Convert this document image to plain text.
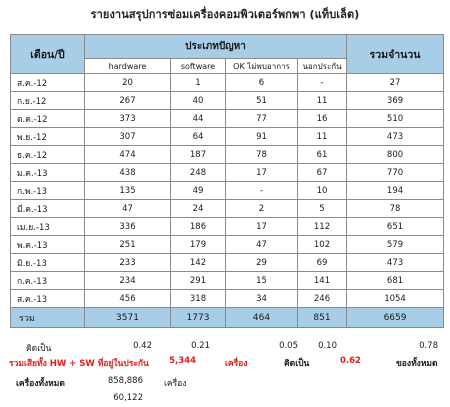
รายงานสรุปการซ่อมเครื่องคอมพิวเตอร์พกพา (แท็บเล็ต)
เดือน/ปี	ประเภทปัญหา				รวมจำนวน
	hardware	software	OK ไม่พบอาการ	นอกประกัน	
ส.ค.-12	20	1	6	-	27
ก.ย.-12	267	40	51	11	369
ต.ค.-12	373	44	77	16	510
พ.ย.-12	307	64	91	11	473
ธ.ค.-12	474	187	78	61	800
ม.ค.-13	438	248	17	67	770
ก.พ.-13	135	49	-	10	194
มี.ค.-13	47	24	2	5	78
เม.ย.-13	336	186	17	112	651
พ.ค.-13	251	179	47	102	579
มิ.ย.-13	233	142	29	69	473
ก.ค.-13	234	291	15	141	681
ส.ค.-13	456	318	34	246	1054
รวม	3571	1773	464	851	6659
คิดเป็น	0.42	0.21	0.05	0.10	0.78
รวมเสียทั้ง HW + SW ที่อยู่ในประกัน	5,344	เครื่อง	คิดเป็น	0.62	ของทั้งหมด
เครื่องทั้งหมด	858,886 เครื่อง
60,122
